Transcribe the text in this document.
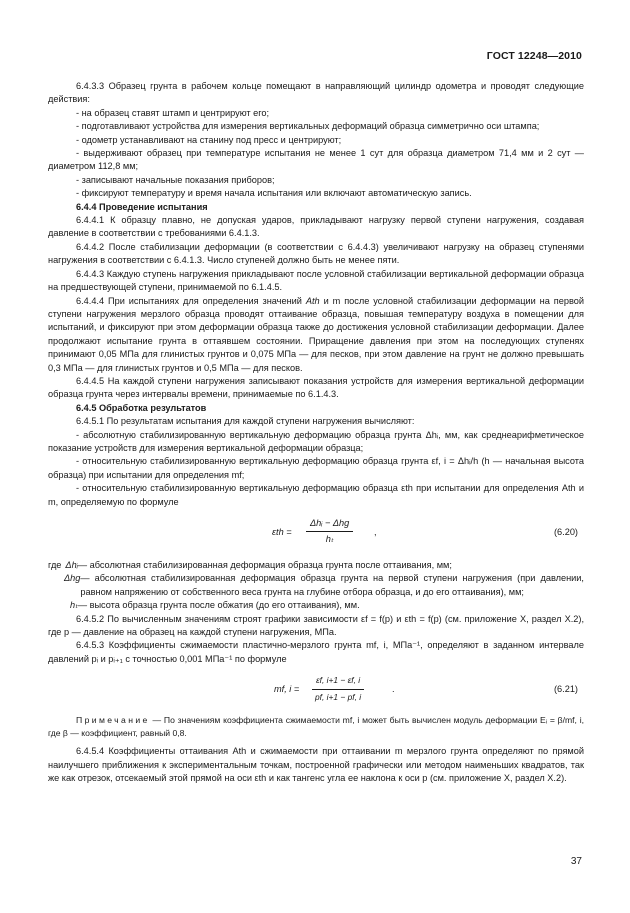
ГОСТ 12248—2010

6.4.3.3 Образец грунта в рабочем кольце помещают в направляющий цилиндр одометра и проводят следующие действия:

- на образец ставят штамп и центрируют его;

- подготавливают устройства для измерения вертикальных деформаций образца симметрично оси штампа;

- одометр устанавливают на станину под пресс и центрируют;

- выдерживают образец при температуре испытания не менее 1 сут для образца диаметром 71,4 мм и 2 сут — диаметром 112,8 мм;

- записывают начальные показания приборов;

- фиксируют температуру и время начала испытания или включают автоматическую запись.

6.4.4 Проведение испытания

6.4.4.1 К образцу плавно, не допуская ударов, прикладывают нагрузку первой ступени нагружения, создавая давление в соответствии с требованиями 6.4.1.3.

6.4.4.2 После стабилизации деформации (в соответствии с 6.4.4.3) увеличивают нагрузку на образец ступенями нагружения в соответствии с 6.4.1.3. Число ступеней должно быть не менее пяти.

6.4.4.3 Каждую ступень нагружения прикладывают после условной стабилизации вертикальной деформации образца на предшествующей ступени, принимаемой по 6.1.4.5.

6.4.4.4 При испытаниях для определения значений Ath и m после условной стабилизации деформации на первой ступени нагружения мерзлого образца проводят оттаивание образца, повышая температуру воздуха в помещении для испытаний, и фиксируют при этом деформации образца также до достижения условной стабилизации деформации. Далее продолжают испытание грунта в оттаявшем состоянии. Приращение давления при этом на последующих ступенях принимают 0,05 МПа для глинистых грунтов и 0,075 МПа — для песков, при этом давление на грунт не должно превышать 0,3 МПа — для глинистых грунтов и 0,5 МПа — для песков.

6.4.4.5 На каждой ступени нагружения записывают показания устройств для измерения вертикальной деформации образца грунта через интервалы времени, принимаемые по 6.1.4.3.

6.4.5 Обработка результатов

6.4.5.1 По результатам испытания для каждой ступени нагружения вычисляют:

- абсолютную стабилизированную вертикальную деформацию образца грунта Δhᵢ, мм, как среднеарифметическое показание устройств для измерения вертикальной деформации образца;

- относительную стабилизированную вертикальную деформацию образца грунта εf, i = Δhᵢ/h (h — начальная высота образца) при испытании для определения mf;

- относительную стабилизированную вертикальную деформацию образца εth при испытании для определения Ath и m, определяемую по формуле

εth =
Δhᵢ − Δhg
hₜ
,	(6.20)
где Δhᵢ — абсолютная стабилизированная деформация образца грунта после оттаивания, мм;
Δhg — абсолютная стабилизированная деформация образца грунта на первой ступени нагружения (при давлении, равном напряжению от собственного веса грунта на глубине отбора образца, и до его оттаивания), мм;
hₜ — высота образца грунта после обжатия (до его оттаивания), мм.

6.4.5.2 По вычисленным значениям строят графики зависимости εf = f(p) и εth = f(p) (см. приложение Х, раздел Х.2), где p — давление на образец на каждой ступени нагружения, МПа.

6.4.5.3 Коэффициенты сжимаемости пластично-мерзлого грунта mf, i, МПа⁻¹, определяют в заданном интервале давлений pᵢ и pᵢ₊₁ с точностью 0,001 МПа⁻¹ по формуле

mf, i =
εf, i+1 − εf, i
pf, i+1 − pf, i
.	(6.21)

Примечание — По значениям коэффициента сжимаемости mf, i может быть вычислен модуль деформации Eᵢ = β/mf, i, где β — коэффициент, равный 0,8.

6.4.5.4 Коэффициенты оттаивания Ath и сжимаемости при оттаивании m мерзлого грунта определяют по прямой наилучшего приближения к экспериментальным точкам, построенной графически или методом наименьших квадратов, так же как отрезок, отсекаемый этой прямой на оси εth и как тангенс угла ее наклона к оси p (см. приложение Х, раздел Х.2).

37
